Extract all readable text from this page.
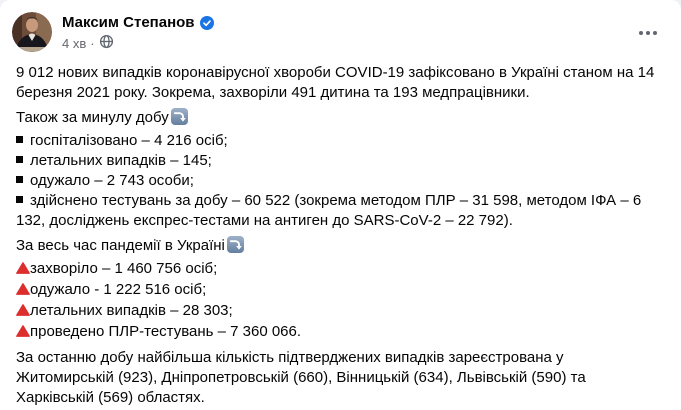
Максим Степанов
4 хв ·

9 012 нових випадків коронавірусної хвороби COVID-19 зафіксовано в Україні станом на 14 березня 2021 року. Зокрема, захворіли 491 дитина та 193 медпрацівники.

Також за минулу добу

госпіталізовано – 4 216 осіб;

летальних випадків – 145;

одужало – 2 743 особи;

здійснено тестувань за добу – 60 522 (зокрема методом ПЛР – 31 598, методом ІФА – 6 132, досліджень експрес-тестами на антиген до SARS-CoV-2 – 22 792).

За весь час пандемії в Україні

захворіло – 1 460 756 осіб;

одужало - 1 222 516 осіб;

летальних випадків – 28 303;

проведено ПЛР-тестувань – 7 360 066.

За останню добу найбільша кількість підтверджених випадків зареєстрована у Житомирській (923), Дніпропетровській (660), Вінницькій (634), Львівській (590) та Харківській (569) областях.
